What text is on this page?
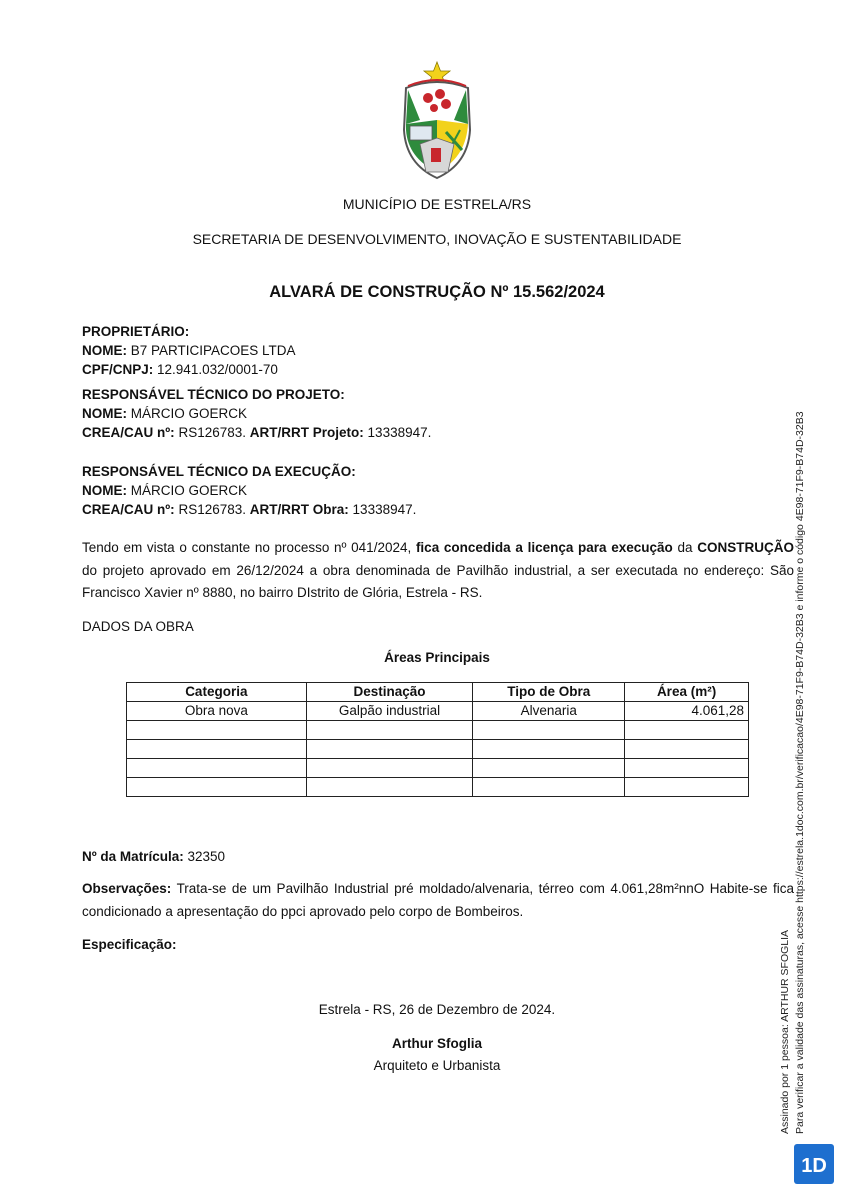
MUNICÍPIO DE ESTRELA/RS
SECRETARIA DE DESENVOLVIMENTO, INOVAÇÃO E SUSTENTABILIDADE
ALVARÁ DE CONSTRUÇÃO Nº 15.562/2024
PROPRIETÁRIO:
NOME: B7 PARTICIPACOES LTDA
CPF/CNPJ: 12.941.032/0001-70
RESPONSÁVEL TÉCNICO DO PROJETO:
NOME: MÁRCIO GOERCK
CREA/CAU nº: RS126783. ART/RRT Projeto: 13338947.
RESPONSÁVEL TÉCNICO DA EXECUÇÃO:
NOME: MÁRCIO GOERCK
CREA/CAU nº: RS126783. ART/RRT Obra: 13338947.
Tendo em vista o constante no processo nº 041/2024, fica concedida a licença para execução da CONSTRUÇÃO do projeto aprovado em 26/12/2024 a obra denominada de Pavilhão industrial, a ser executada no endereço: São Francisco Xavier nº 8880, no bairro DIstrito de Glória, Estrela - RS.
DADOS DA OBRA
Áreas Principais
Categoria	Destinação	Tipo de Obra	Área (m²)
Obra nova	Galpão industrial	Alvenaria	4.061,28

Nº da Matrícula: 32350
Observações: Trata-se de um Pavilhão Industrial pré moldado/alvenaria, térreo com 4.061,28m²nnO Habite-se fica condicionado a apresentação do ppci aprovado pelo corpo de Bombeiros.
Especificação:
Estrela - RS, 26 de Dezembro de 2024.
Arthur Sfoglia
Arquiteto e Urbanista	Assinado por 1 pessoa: ARTHUR SFOGLIA Para verificar a validade das assinaturas, acesse https://estrela.1doc.com.br/verificacao/4E98-71F9-B74D-32B3 e informe o código 4E98-71F9-B74D-32B3
1D
